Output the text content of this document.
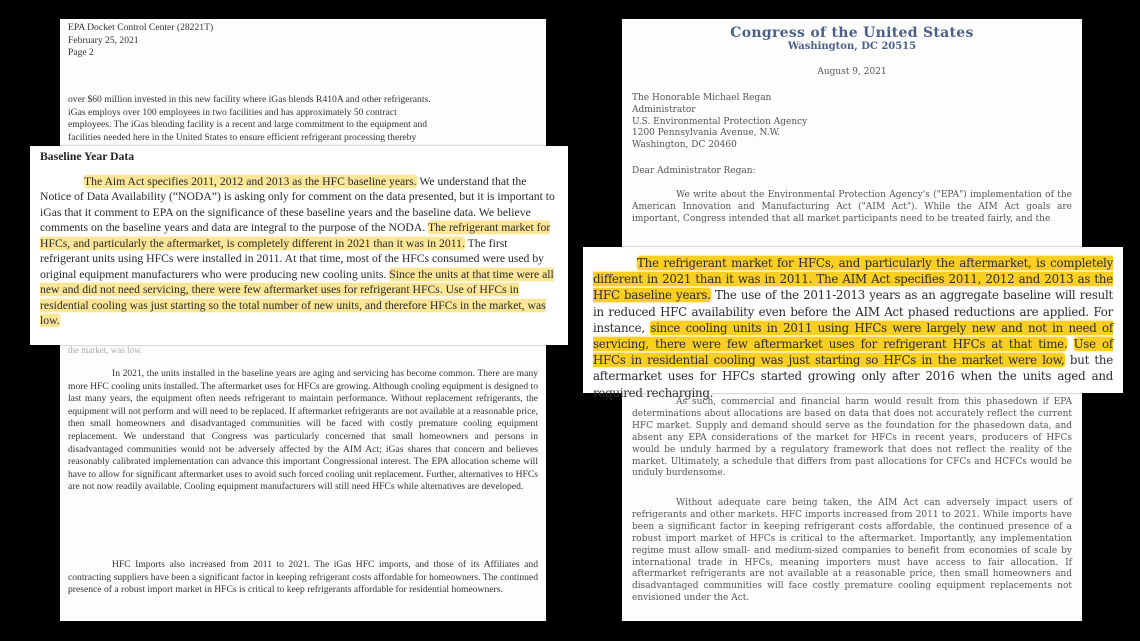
EPA Docket Control Center (28221T)

February 25, 2021

Page 2

over $60 million invested in this new facility where iGas blends R410A and other refrigerants.

iGas employs over 100 employees in two facilities and has approximately 50 contract

employees. The iGas blending facility is a recent and large commitment to the equipment and

facilities needed here in the United States to ensure efficient refrigerant processing thereby

the market, was low.

In 2021, the units installed in the baseline years are aging and servicing has become common. There are many more HFC cooling units installed. The aftermarket uses for HFCs are growing. Although cooling equipment is designed to last many years, the equipment often needs refrigerant to maintain performance. Without replacement refrigerants, the equipment will not perform and will need to be replaced. If aftermarket refrigerants are not available at a reasonable price, then small homeowners and disadvantaged communities will be faced with costly premature cooling equipment replacement. We understand that Congress was particularly concerned that small homeowners and persons in disadvantaged communities would not be adversely affected by the AIM Act; iGas shares that concern and believes reasonably calibrated implementation can advance this important Congressional interest. The EPA allocation scheme will have to allow for significant aftermarket uses to avoid such forced cooling unit replacement. Further, alternatives to HFCs are not now readily available. Cooling equipment manufacturers will still need HFCs while alternatives are developed.

HFC Imports also increased from 2011 to 2021. The iGas HFC imports, and those of its Affiliates and contracting suppliers have been a significant factor in keeping refrigerant costs affordable for homeowners. The continued presence of a robust import market in HFCs is critical to keep refrigerants affordable for residential homeowners.

Baseline Year Data

The Aim Act specifies 2011, 2012 and 2013 as the HFC baseline years. We understand that the Notice of Data Availability (“NODA”) is asking only for comment on the data presented, but it is important to iGas that it comment to EPA on the significance of these baseline years and the baseline data. We believe comments on the baseline years and data are integral to the purpose of the NODA. The refrigerant market for HFCs, and particularly the aftermarket, is completely different in 2021 than it was in 2011. The first refrigerant units using HFCs were installed in 2011. At that time, most of the HFCs consumed were used by original equipment manufacturers who were producing new cooling units. Since the units at that time were all new and did not need servicing, there were few aftermarket uses for refrigerant HFCs. Use of HFCs in residential cooling was just starting so the total number of new units, and therefore HFCs in the market, was low.

Congress of the United States
Washington, DC 20515

August 9, 2021

The Honorable Michael Regan

Administrator

U.S. Environmental Protection Agency

1200 Pennsylvania Avenue, N.W.

Washington, DC 20460

Dear Administrator Regan:

We write about the Environmental Protection Agency's ("EPA") implementation of the American Innovation and Manufacturing Act ("AIM Act"). While the AIM Act goals are important, Congress intended that all market participants need to be treated fairly, and the

As such, commercial and financial harm would result from this phasedown if EPA determinations about allocations are based on data that does not accurately reflect the current HFC market. Supply and demand should serve as the foundation for the phasedown data, and absent any EPA considerations of the market for HFCs in recent years, producers of HFCs would be unduly harmed by a regulatory framework that does not reflect the reality of the market. Ultimately, a schedule that differs from past allocations for CFCs and HCFCs would be unduly burdensome.

Without adequate care being taken, the AIM Act can adversely impact users of refrigerants and other markets. HFC imports increased from 2011 to 2021. While imports have been a significant factor in keeping refrigerant costs affordable, the continued presence of a robust import market of HFCs is critical to the aftermarket. Importantly, any implementation regime must allow small- and medium-sized companies to benefit from economies of scale by international trade in HFCs, meaning importers must have access to fair allocation. If aftermarket refrigerants are not available at a reasonable price, then small homeowners and disadvantaged communities will face costly premature cooling equipment replacements not envisioned under the Act.

The refrigerant market for HFCs, and particularly the aftermarket, is completely different in 2021 than it was in 2011. The AIM Act specifies 2011, 2012 and 2013 as the HFC baseline years. The use of the 2011-2013 years as an aggregate baseline will result in reduced HFC availability even before the AIM Act phased reductions are applied. For instance, since cooling units in 2011 using HFCs were largely new and not in need of servicing, there were few aftermarket uses for refrigerant HFCs at that time. Use of HFCs in residential cooling was just starting so HFCs in the market were low, but the aftermarket uses for HFCs started growing only after 2016 when the units aged and required recharging.
